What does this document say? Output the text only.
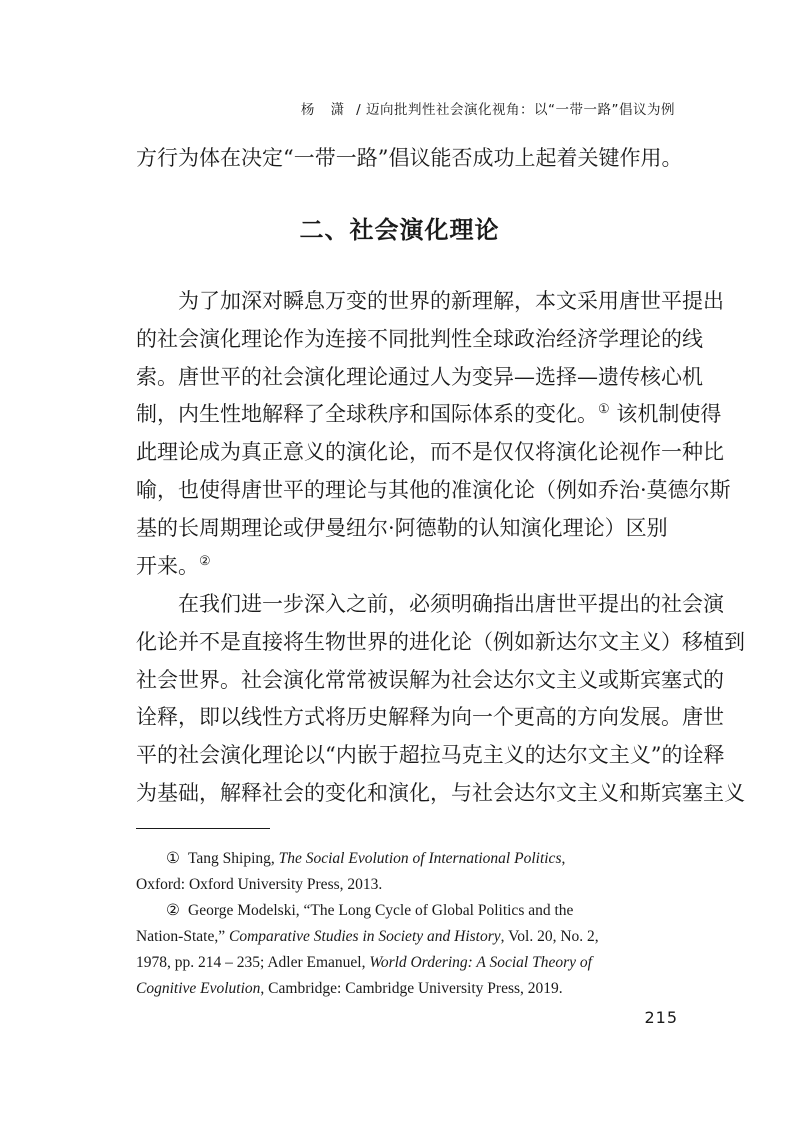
杨 潇 / 迈向批判性社会演化视角：以“一带一路”倡议为例

方行为体在决定“一带一路”倡议能否成功上起着关键作用。

二、社会演化理论

为了加深对瞬息万变的世界的新理解，本文采用唐世平提出
的社会演化理论作为连接不同批判性全球政治经济学理论的线
索。唐世平的社会演化理论通过人为变异—选择—遗传核心机
制，内生性地解释了全球秩序和国际体系的变化。① 该机制使得
此理论成为真正意义的演化论，而不是仅仅将演化论视作一种比
喻，也使得唐世平的理论与其他的准演化论（例如乔治·莫德尔斯
基的长周期理论或伊曼纽尔·阿德勒的认知演化理论）区别
开来。②

在我们进一步深入之前，必须明确指出唐世平提出的社会演
化论并不是直接将生物世界的进化论（例如新达尔文主义）移植到
社会世界。社会演化常常被误解为社会达尔文主义或斯宾塞式的
诠释，即以线性方式将历史解释为向一个更高的方向发展。唐世
平的社会演化理论以“内嵌于超拉马克主义的达尔文主义”的诠释
为基础，解释社会的变化和演化，与社会达尔文主义和斯宾塞主义

① Tang Shiping, The Social Evolution of International Politics,
Oxford: Oxford University Press, 2013.
② George Modelski, “The Long Cycle of Global Politics and the
Nation-State,” Comparative Studies in Society and History, Vol. 20, No. 2,
1978, pp. 214 – 235; Adler Emanuel, World Ordering: A Social Theory of
Cognitive Evolution, Cambridge: Cambridge University Press, 2019.
215
